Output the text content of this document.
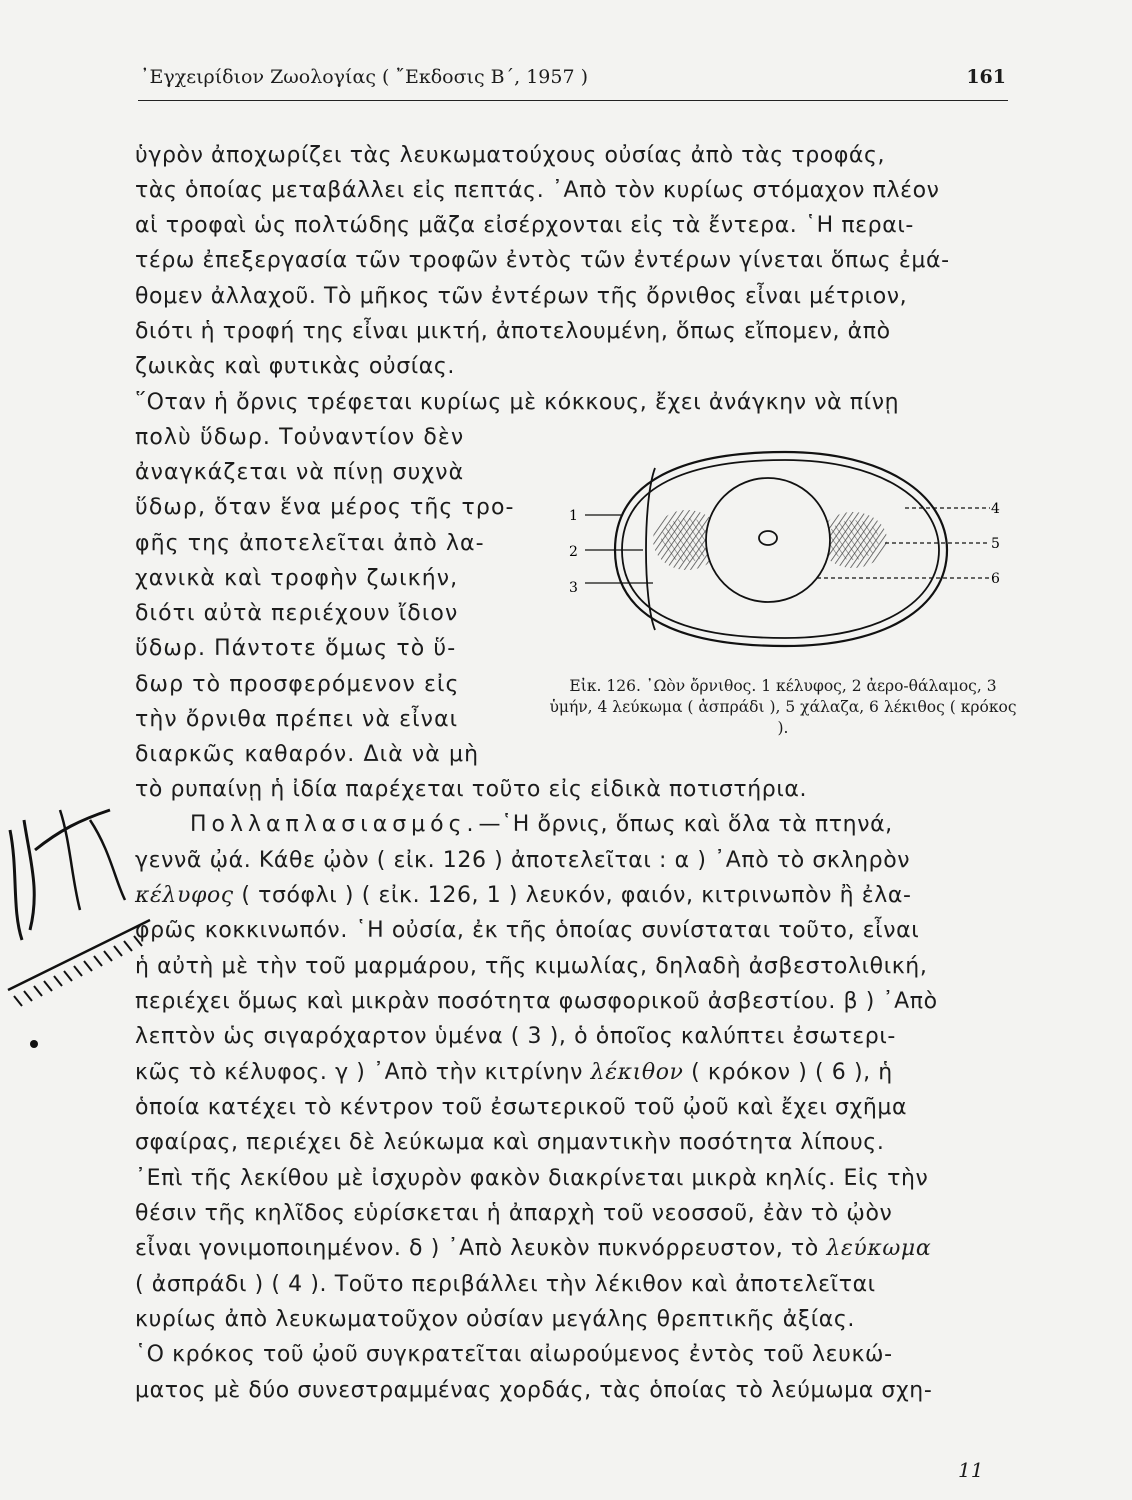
᾿Εγχειρίδιον Ζωολογίας ( ῎Εκδοσις Β΄, 1957 )	161
ὑγρὸν ἀποχωρίζει τὰς λευκωματούχους οὐσίας ἀπὸ τὰς τροφάς,
τὰς ὁποίας μεταβάλλει εἰς πεπτάς. ᾿Απὸ τὸν κυρίως στόμαχον πλέον
αἱ τροφαὶ ὡς πολτώδης μᾶζα εἰσέρχονται εἰς τὰ ἔντερα. ῾Η περαι-
τέρω ἐπεξεργασία τῶν τροφῶν ἐντὸς τῶν ἐντέρων γίνεται ὅπως ἐμά-
θομεν ἀλλαχοῦ. Τὸ μῆκος τῶν ἐντέρων τῆς ὄρνιθος εἶναι μέτριον,
διότι ἡ τροφή της εἶναι μικτή, ἀποτελουμένη, ὅπως εἴπομεν, ἀπὸ
ζωικὰς καὶ φυτικὰς οὐσίας.
῞Οταν ἡ ὄρνις τρέφεται κυρίως μὲ κόκκους, ἔχει ἀνάγκην νὰ πίνῃ
πολὺ ὕδωρ. Τοὐναντίον δὲν
ἀναγκάζεται νὰ πίνῃ συχνὰ
ὕδωρ, ὅταν ἕνα μέρος τῆς τρο-
φῆς της ἀποτελεῖται ἀπὸ λα-
χανικὰ καὶ τροφὴν ζωικήν,
διότι αὐτὰ περιέχουν ἴδιον
ὕδωρ. Πάντοτε ὅμως τὸ ὕ-
δωρ τὸ προσφερόμενον εἰς
τὴν ὄρνιθα πρέπει νὰ εἶναι
διαρκῶς καθαρόν. Διὰ νὰ μὴ
1
2
3
4
5
6
Εἰκ. 126. ᾿Ωὸν ὄρνιθος. 1 κέλυφος, 2 ἀερο-θάλαμος, 3 ὑμήν, 4 λεύκωμα ( ἀσπράδι ), 5 χάλαζα, 6 λέκιθος ( κρόκος ).
τὸ ρυπαίνῃ ἡ ἰδία παρέχεται τοῦτο εἰς εἰδικὰ ποτιστήρια.
Πολλαπλασιασμός.—῾Η ὄρνις, ὅπως καὶ ὅλα τὰ πτηνά,
γεννᾶ ᾠά. Κάθε ᾠὸν ( εἰκ. 126 ) ἀποτελεῖται : α ) ᾿Απὸ τὸ σκληρὸν
κέλυφος ( τσόφλι ) ( εἰκ. 126, 1 ) λευκόν, φαιόν, κιτρινωπὸν ἢ ἐλα-
φρῶς κοκκινωπόν. ῾Η οὐσία, ἐκ τῆς ὁποίας συνίσταται τοῦτο, εἶναι
ἡ αὐτὴ μὲ τὴν τοῦ μαρμάρου, τῆς κιμωλίας, δηλαδὴ ἀσβεστολιθική,
περιέχει ὅμως καὶ μικρὰν ποσότητα φωσφορικοῦ ἀσβεστίου. β ) ᾿Απὸ
λεπτὸν ὡς σιγαρόχαρτον ὑμένα ( 3 ), ὁ ὁποῖος καλύπτει ἐσωτερι-
κῶς τὸ κέλυφος. γ ) ᾿Απὸ τὴν κιτρίνην λέκιθον ( κρόκον ) ( 6 ), ἡ
ὁποία κατέχει τὸ κέντρον τοῦ ἐσωτερικοῦ τοῦ ᾠοῦ καὶ ἔχει σχῆμα
σφαίρας, περιέχει δὲ λεύκωμα καὶ σημαντικὴν ποσότητα λίπους.
᾿Επὶ τῆς λεκίθου μὲ ἰσχυρὸν φακὸν διακρίνεται μικρὰ κηλίς. Εἰς τὴν
θέσιν τῆς κηλῖδος εὑρίσκεται ἡ ἀπαρχὴ τοῦ νεοσσοῦ, ἐὰν τὸ ᾠὸν
εἶναι γονιμοποιημένον. δ ) ᾿Απὸ λευκὸν πυκνόρρευστον, τὸ λεύκωμα
( ἀσπράδι ) ( 4 ). Τοῦτο περιβάλλει τὴν λέκιθον καὶ ἀποτελεῖται
κυρίως ἀπὸ λευκωματοῦχον οὐσίαν μεγάλης θρεπτικῆς ἀξίας.
῾Ο κρόκος τοῦ ᾠοῦ συγκρατεῖται αἰωρούμενος ἐντὸς τοῦ λευκώ-
ματος μὲ δύο συνεστραμμένας χορδάς, τὰς ὁποίας τὸ λεύμωμα σχη-
11
